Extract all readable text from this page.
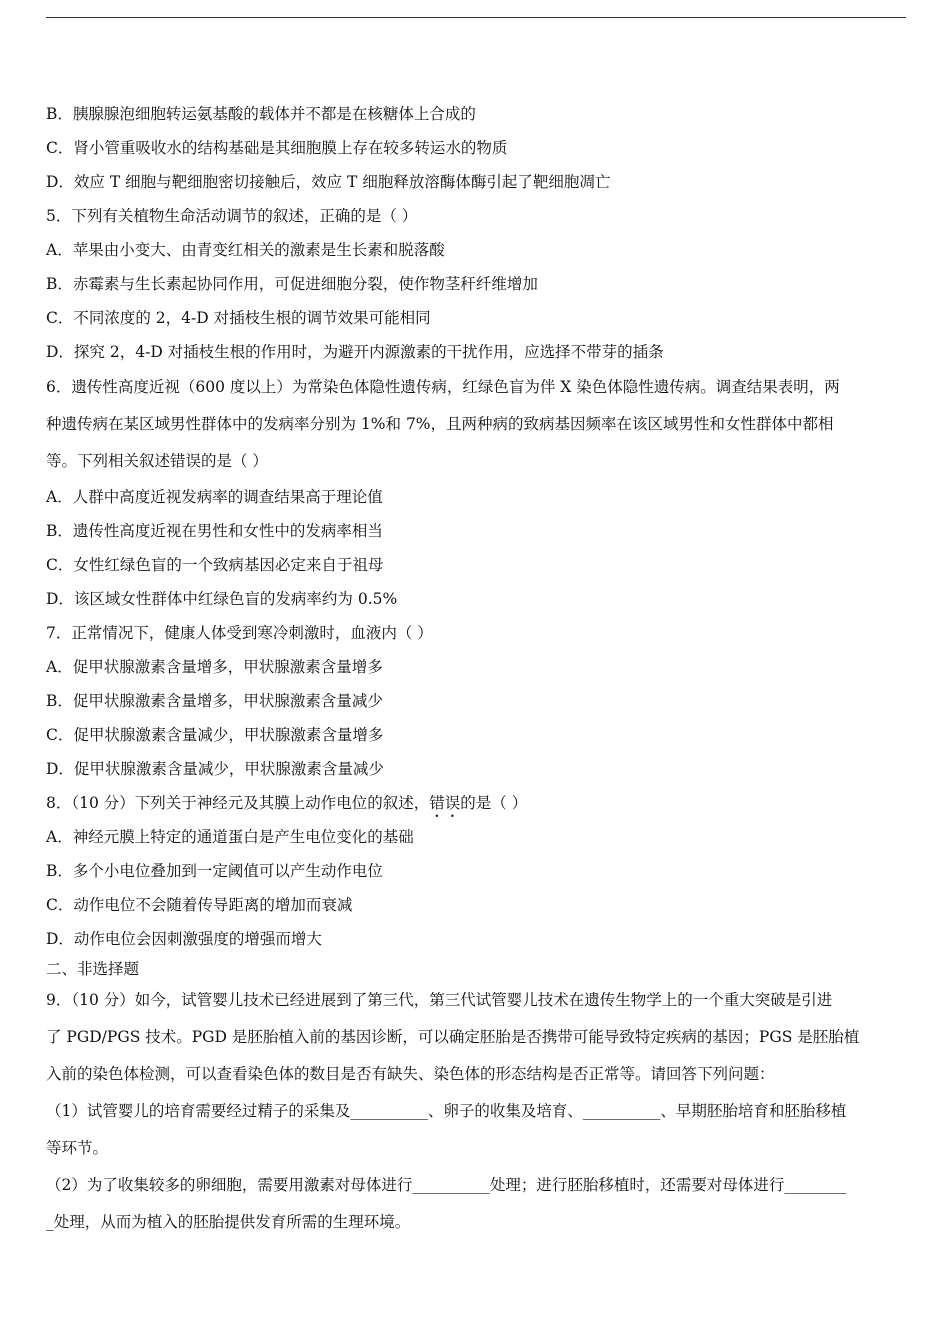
B．胰腺腺泡细胞转运氨基酸的载体并不都是在核糖体上合成的
C．肾小管重吸收水的结构基础是其细胞膜上存在较多转运水的物质
D．效应 T 细胞与靶细胞密切接触后，效应 T 细胞释放溶酶体酶引起了靶细胞凋亡
5．下列有关植物生命活动调节的叙述，正确的是（ ）
A．苹果由小变大、由青变红相关的激素是生长素和脱落酸
B．赤霉素与生长素起协同作用，可促进细胞分裂，使作物茎秆纤维增加
C．不同浓度的 2，4-D 对插枝生根的调节效果可能相同
D．探究 2，4-D 对插枝生根的作用时，为避开内源激素的干扰作用，应选择不带芽的插条
6．遗传性高度近视（600 度以上）为常染色体隐性遗传病，红绿色盲为伴 X 染色体隐性遗传病。调查结果表明，两
种遗传病在某区域男性群体中的发病率分别为 1%和 7%，且两种病的致病基因频率在该区域男性和女性群体中都相
等。下列相关叙述错误的是（ ）
A．人群中高度近视发病率的调查结果高于理论值
B．遗传性高度近视在男性和女性中的发病率相当
C．女性红绿色盲的一个致病基因必定来自于祖母
D．该区域女性群体中红绿色盲的发病率约为 0.5%
7．正常情况下，健康人体受到寒冷刺激时，血液内（ ）
A．促甲状腺激素含量增多，甲状腺激素含量增多
B．促甲状腺激素含量增多，甲状腺激素含量减少
C．促甲状腺激素含量减少，甲状腺激素含量增多
D．促甲状腺激素含量减少，甲状腺激素含量减少
8．（10 分）下列关于神经元及其膜上动作电位的叙述，错误的是（ ）
A．神经元膜上特定的通道蛋白是产生电位变化的基础
B．多个小电位叠加到一定阈值可以产生动作电位
C．动作电位不会随着传导距离的增加而衰减
D．动作电位会因刺激强度的增强而增大
二、非选择题
9．（10 分）如今，试管婴儿技术已经进展到了第三代，第三代试管婴儿技术在遗传生物学上的一个重大突破是引进
了 PGD/PGS 技术。PGD 是胚胎植入前的基因诊断，可以确定胚胎是否携带可能导致特定疾病的基因；PGS 是胚胎植
入前的染色体检测，可以查看染色体的数目是否有缺失、染色体的形态结构是否正常等。请回答下列问题：
（1）试管婴儿的培育需要经过精子的采集及__________、卵子的收集及培育、__________、早期胚胎培育和胚胎移植
等环节。
（2）为了收集较多的卵细胞，需要用激素对母体进行__________处理；进行胚胎移植时，还需要对母体进行________
_处理，从而为植入的胚胎提供发育所需的生理环境。
